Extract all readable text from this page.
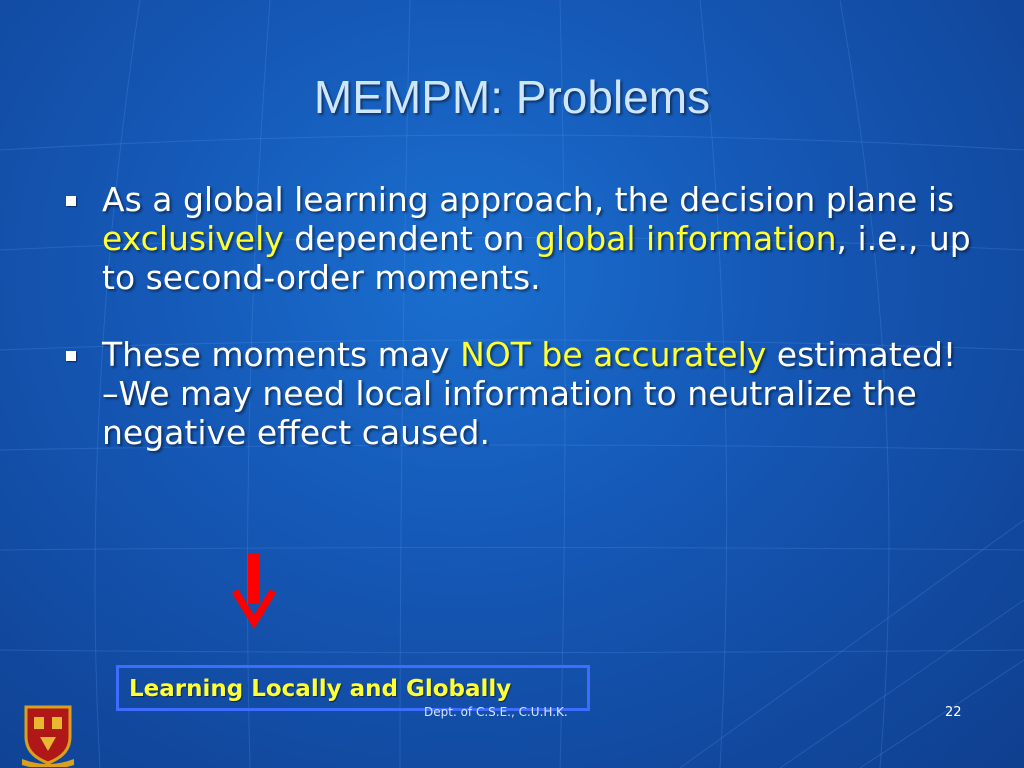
MEMPM: Problems
As a global learning approach, the decision plane is exclusively dependent on global information, i.e., up to second-order moments.
These moments may NOT be accurately estimated! –We may need local information to neutralize the negative effect caused.
Learning Locally and Globally
Dept. of C.S.E., C.U.H.K.	22
